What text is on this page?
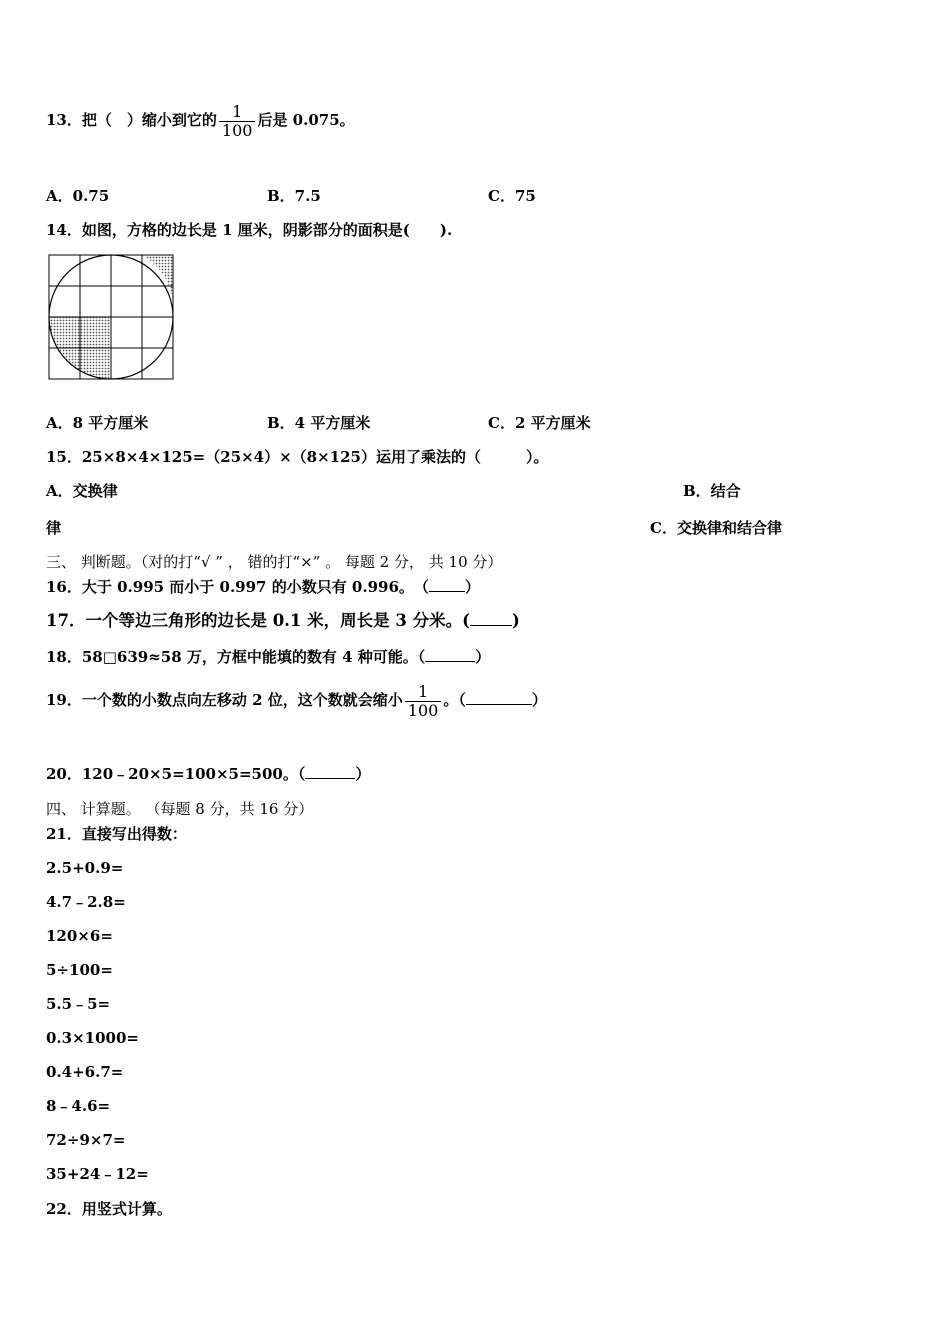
13．把（　）缩小到它的 $\frac{1}{100}$ 后是 0.075。
A．0.75	B．7.5	C．75
14．如图，方格的边长是 1 厘米，阴影部分的面积是(　　).
A．8 平方厘米	B．4 平方厘米	C．2 平方厘米
15．25×8×4×125=（25×4）×（8×125）运用了乘法的（　　　）。
A．交换律	B．结合
律	C．交换律和结合律
三、 判断题。（对的打“√ ” ， 错的打“×” 。 每题 2 分， 共 10 分）
16．大于 0.995 而小于 0.997 的小数只有 0.996。　（ ）
17．一个等边三角形的边长是 0.1 米，周长是 3 分米。(	)
18．58□639≈58 万，方框中能填的数有 4 种可能。（	）
19．一个数的小数点向左移动 2 位，这个数就会缩小 $\frac{1}{100}$ 。（	）
20．120﹣20×5=100×5=500。（	）
四、 计算题。 （每题 8 分，共 16 分）
21．直接写出得数：
2.5+0.9=
4.7﹣2.8=
120×6=
5÷100=
5.5﹣5=
0.3×1000=
0.4+6.7=
8﹣4.6=
72÷9×7=
35+24﹣12=
22．用竖式计算。
